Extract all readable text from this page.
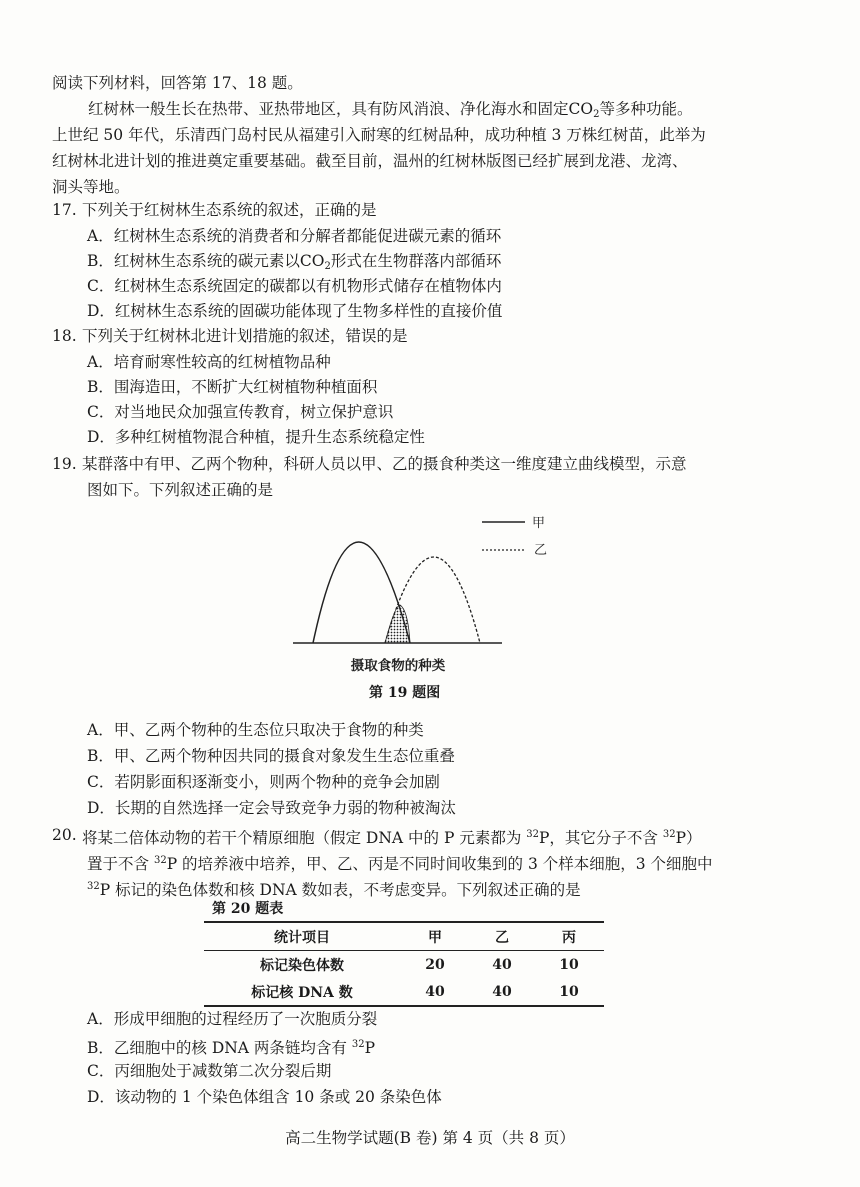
阅读下列材料，回答第 17、18 题。
红树林一般生长在热带、亚热带地区，具有防风消浪、净化海水和固定$CO_2$等多种功能。
上世纪 50 年代，乐清西门岛村民从福建引入耐寒的红树品种，成功种植 3 万株红树苗，此举为
红树林北进计划的推进奠定重要基础。截至目前，温州的红树林版图已经扩展到龙港、龙湾、
洞头等地。
17. 下列关于红树林生态系统的叙述，正确的是
A．红树林生态系统的消费者和分解者都能促进碳元素的循环
B．红树林生态系统的碳元素以$CO_2$形式在生物群落内部循环
C．红树林生态系统固定的碳都以有机物形式储存在植物体内
D．红树林生态系统的固碳功能体现了生物多样性的直接价值
18. 下列关于红树林北进计划措施的叙述，错误的是
A．培育耐寒性较高的红树植物品种
B．围海造田，不断扩大红树植物种植面积
C．对当地民众加强宣传教育，树立保护意识
D．多种红树植物混合种植，提升生态系统稳定性
19. 某群落中有甲、乙两个物种，科研人员以甲、乙的摄食种类这一维度建立曲线模型，示意
图如下。下列叙述正确的是
甲
乙
摄取食物的种类
第 19 题图
A．甲、乙两个物种的生态位只取决于食物的种类
B．甲、乙两个物种因共同的摄食对象发生生态位重叠
C．若阴影面积逐渐变小，则两个物种的竞争会加剧
D．长期的自然选择一定会导致竞争力弱的物种被淘汰
20. 将某二倍体动物的若干个精原细胞（假定 DNA 中的 P 元素都为 $^{32}$P，其它分子不含 $^{32}$P）
置于不含 $^{32}$P 的培养液中培养，甲、乙、丙是不同时间收集到的 3 个样本细胞，3 个细胞中
$^{32}$P 标记的染色体数和核 DNA 数如表，不考虑变异。下列叙述正确的是
第 20 题表
统计项目	甲	乙	丙
标记染色体数	20	40	10
标记核 DNA 数	40	40	10
A．形成甲细胞的过程经历了一次胞质分裂
B．乙细胞中的核 DNA 两条链均含有 $^{32}$P
C．丙细胞处于减数第二次分裂后期
D．该动物的 1 个染色体组含 10 条或 20 条染色体
高二生物学试题(B 卷) 第 4 页（共 8 页）
